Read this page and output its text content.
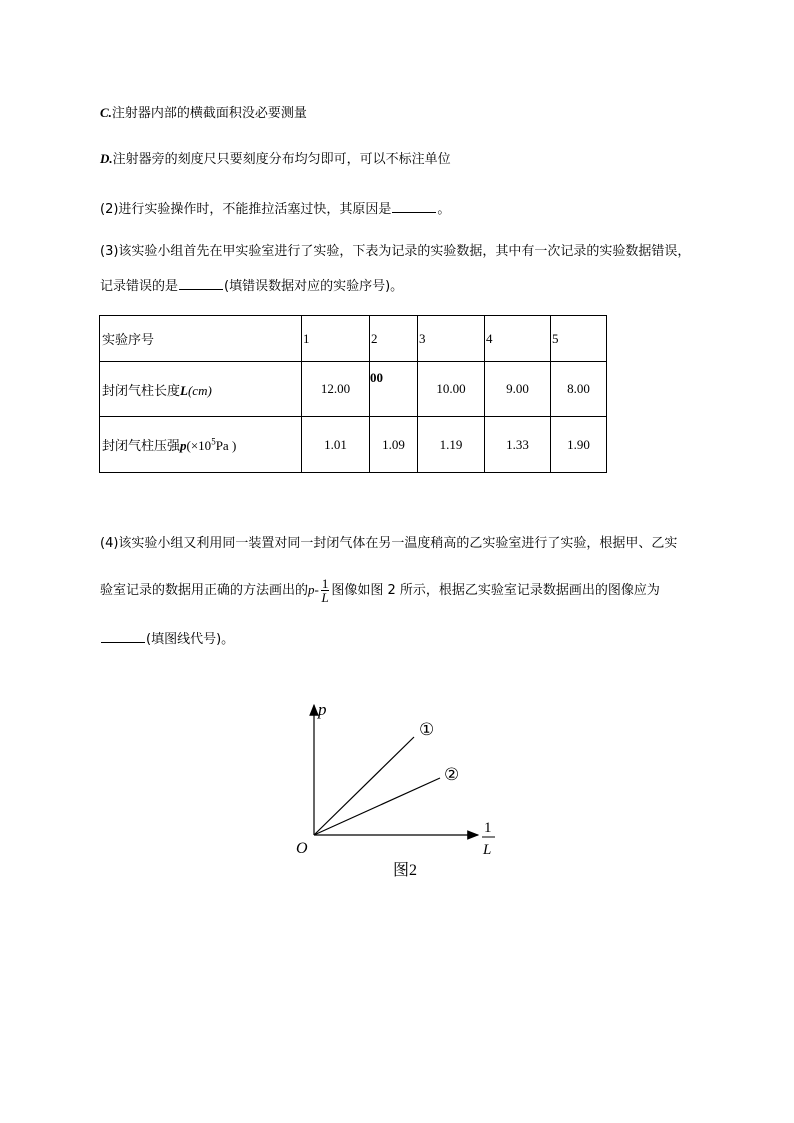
C.注射器内部的横截面积没必要测量
D.注射器旁的刻度尺只要刻度分布均匀即可，可以不标注单位
(2)进行实验操作时，不能推拉活塞过快，其原因是	。
(3)该实验小组首先在甲实验室进行了实验，下表为记录的实验数据，其中有一次记录的实验数据错误，
记录错误的是	(填错误数据对应的实验序号)。
实验序号	1	2	3	4	5
封闭气柱长度L(cm)	12.00	00	10.00	9.00	8.00
封闭气柱压强$p(\times 10^5Pa$ )	1.01	1.09	1.19	1.33	1.90
(4)该实验小组又利用同一装置对同一封闭气体在另一温度稍高的乙实验室进行了实验，根据甲、乙实
验室记录的数据用正确的方法画出的$p- \frac{1}{L}$ 图像如图 2 所示，根据乙实验室记录数据画出的图像应为
(填图线代号)。
p
O
1
L
①
②
图2
